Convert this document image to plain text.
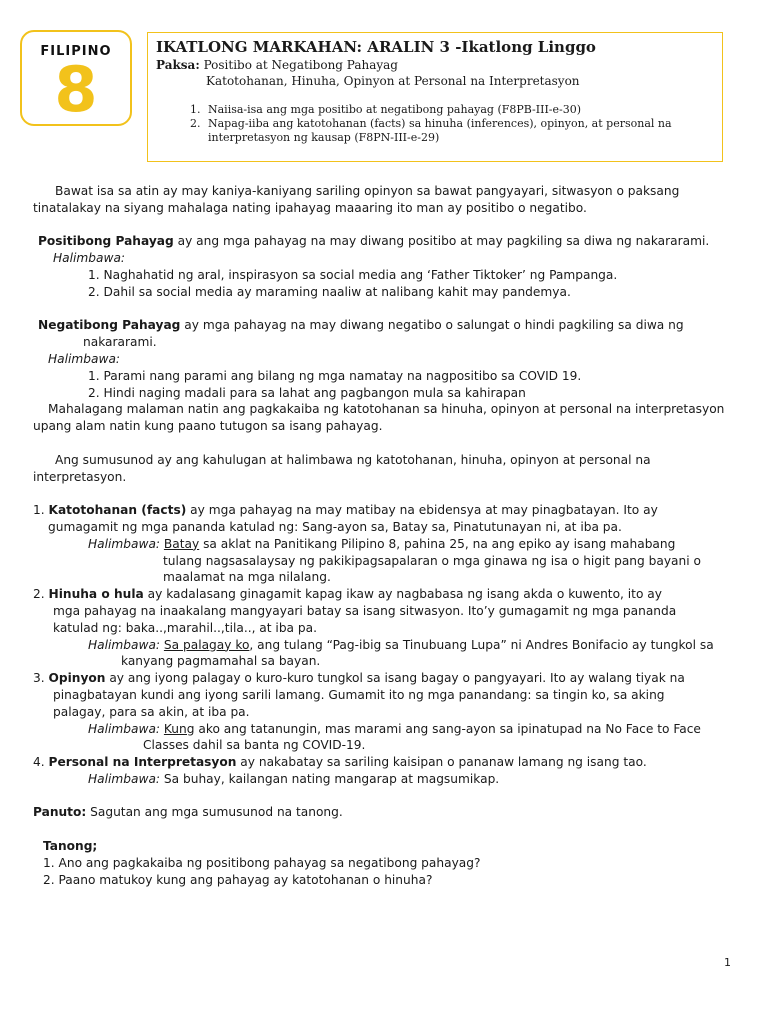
FILIPINO
8
IKATLONG MARKAHAN: ARALIN 3 -Ikatlong Linggo
Paksa: Positibo at Negatibong Pahayag
Katotohanan, Hinuha, Opinyon at Personal na Interpretasyon
1. Naiisa-isa ang mga positibo at negatibong pahayag (F8PB-III-e-30)
2. Napag-iiba ang katotohanan (facts) sa hinuha (inferences), opinyon, at personal na interpretasyon ng kausap (F8PN-III-e-29)

Bawat isa sa atin ay may kaniya-kaniyang sariling opinyon sa bawat pangyayari, sitwasyon o paksang

tinatalakay na siyang mahalaga nating ipahayag maaaring ito man ay positibo o negatibo.

Positibong Pahayag ay ang mga pahayag na may diwang positibo at may pagkiling sa diwa ng nakararami.

Halimbawa:

1. Naghahatid ng aral, inspirasyon sa social media ang ‘Father Tiktoker’ ng Pampanga.

2. Dahil sa social media ay maraming naaliw at nalibang kahit may pandemya.

Negatibong Pahayag ay mga pahayag na may diwang negatibo o salungat o hindi pagkiling sa diwa ng

nakararami.

Halimbawa:

1. Parami nang parami ang bilang ng mga namatay na nagpositibo sa COVID 19.

2. Hindi naging madali para sa lahat ang pagbangon mula sa kahirapan

Mahalagang malaman natin ang pagkakaiba ng katotohanan sa hinuha, opinyon at personal na interpretasyon

upang alam natin kung paano tutugon sa isang pahayag.

Ang sumusunod ay ang kahulugan at halimbawa ng katotohanan, hinuha, opinyon at personal na

interpretasyon.

1. Katotohanan (facts) ay mga pahayag na may matibay na ebidensya at may pinagbatayan. Ito ay

gumagamit ng mga pananda katulad ng: Sang-ayon sa, Batay sa, Pinatutunayan ni, at iba pa.

Halimbawa: Batay sa aklat na Panitikang Pilipino 8, pahina 25, na ang epiko ay isang mahabang

tulang nagsasalaysay ng pakikipagsapalaran o mga ginawa ng isa o higit pang bayani o

maalamat na mga nilalang.

2. Hinuha o hula ay kadalasang ginagamit kapag ikaw ay nagbabasa ng isang akda o kuwento, ito ay

mga pahayag na inaakalang mangyayari batay sa isang sitwasyon. Ito’y gumagamit ng mga pananda

katulad ng: baka..,marahil..,tila.., at iba pa.

Halimbawa: Sa palagay ko, ang tulang “Pag-ibig sa Tinubuang Lupa” ni Andres Bonifacio ay tungkol sa

kanyang pagmamahal sa bayan.

3. Opinyon ay ang iyong palagay o kuro-kuro tungkol sa isang bagay o pangyayari. Ito ay walang tiyak na

pinagbatayan kundi ang iyong sarili lamang. Gumamit ito ng mga panandang: sa tingin ko, sa aking

palagay, para sa akin, at iba pa.

Halimbawa: Kung ako ang tatanungin, mas marami ang sang-ayon sa ipinatupad na No Face to Face

Classes dahil sa banta ng COVID-19.

4. Personal na Interpretasyon ay nakabatay sa sariling kaisipan o pananaw lamang ng isang tao.

Halimbawa: Sa buhay, kailangan nating mangarap at magsumikap.

Panuto: Sagutan ang mga sumusunod na tanong.

Tanong;

1. Ano ang pagkakaiba ng positibong pahayag sa negatibong pahayag?

2. Paano matukoy kung ang pahayag ay katotohanan o hinuha?

1
